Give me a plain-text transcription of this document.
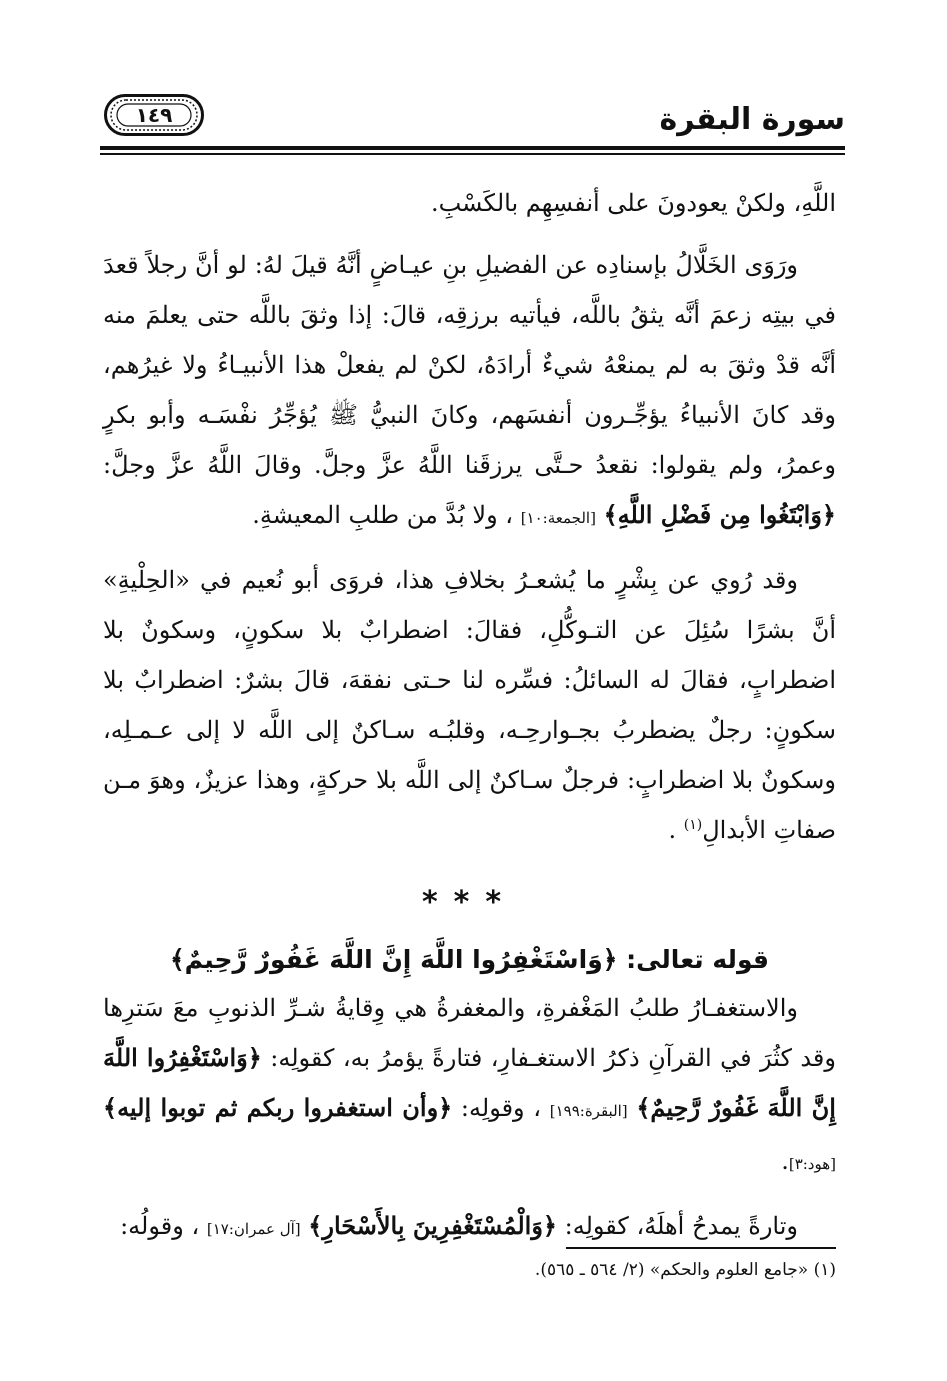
سورة البقرة
١٤٩

اللَّهِ، ولكنْ يعودونَ على أنفسِهِم بالكَسْبِ.

ورَوَى الخَلَّالُ بإسنادِه عن الفضيلِ بنِ عيـاضٍ أنَّهُ قيلَ لهُ: لو أنَّ رجلاً قعدَ في بيتِه زعمَ أنَّه يثقُ باللَّه، فيأتيه برزقِه، قالَ: إذا وثقَ باللَّه حتى يعلمَ منه أنَّه قدْ وثقَ به لم يمنعْهُ شيءٌ أرادَهُ، لكنْ لم يفعلْ هذا الأنبيـاءُ ولا غيرُهم، وقد كانَ الأنبياءُ يؤجِّـرون أنفسَهم، وكانَ النبيُّ ﷺ يُؤجِّرُ نفْسَـه وأبو بكرٍ وعمرُ، ولم يقولوا: نقعدُ حـتَّى يرزقَنا اللَّهُ عزَّ وجلَّ. وقالَ اللَّهُ عزَّ وجلَّ: ﴿وَابْتَغُوا مِن فَضْلِ اللَّهِ﴾ [الجمعة:١٠] ، ولا بُدَّ من طلبِ المعيشةِ.

وقد رُوي عن بِشْرٍ ما يُشعـرُ بخلافِ هذا، فروَى أبو نُعيم في «الحِلْيةِ» أنَّ بشرًا سُئِلَ عن التـوكُّلِ، فقالَ: اضطرابٌ بلا سكونٍ، وسكونٌ بلا اضطرابٍ، فقالَ له السائلُ: فسِّره لنا حـتى نفقهَ، قالَ بشرٌ: اضطرابٌ بلا سكونٍ: رجلٌ يضطربُ بجـوارحِـه، وقلبُـه سـاكنٌ إلى اللَّه لا إلى عـمـلِه، وسكونٌ بلا اضطرابٍ: فرجلٌ سـاكنٌ إلى اللَّه بلا حركةٍ، وهذا عزيزٌ، وهوَ مـن صفاتِ الأبدالِ$^{(١)}$ .

***
قوله تعالى: ﴿وَاسْتَغْفِرُوا اللَّهَ إِنَّ اللَّهَ غَفُورٌ رَّحِيمٌ﴾

والاستغفـارُ طلبُ المَغْفرةِ، والمغفرةُ هي وِقايةُ شـرِّ الذنوبِ معَ سَترِها وقد كثُرَ في القرآنِ ذكرُ الاستغـفارِ، فتارةً يؤمرُ به، كقولِه: ﴿وَاسْتَغْفِرُوا اللَّهَ إِنَّ اللَّهَ غَفُورٌ رَّحِيمٌ﴾ [البقرة:١٩٩] ، وقولِه: ﴿وأن استغفروا ربكم ثم توبوا إليه﴾ [هود:٣].

وتارةً يمدحُ أهلَهُ، كقولِه: ﴿وَالْمُسْتَغْفِرِينَ بِالأَسْحَارِ﴾ [آل عمران:١٧] ، وقولُه:

(١) «جامع العلوم والحكم» (٢/ ٥٦٤ ـ ٥٦٥).
